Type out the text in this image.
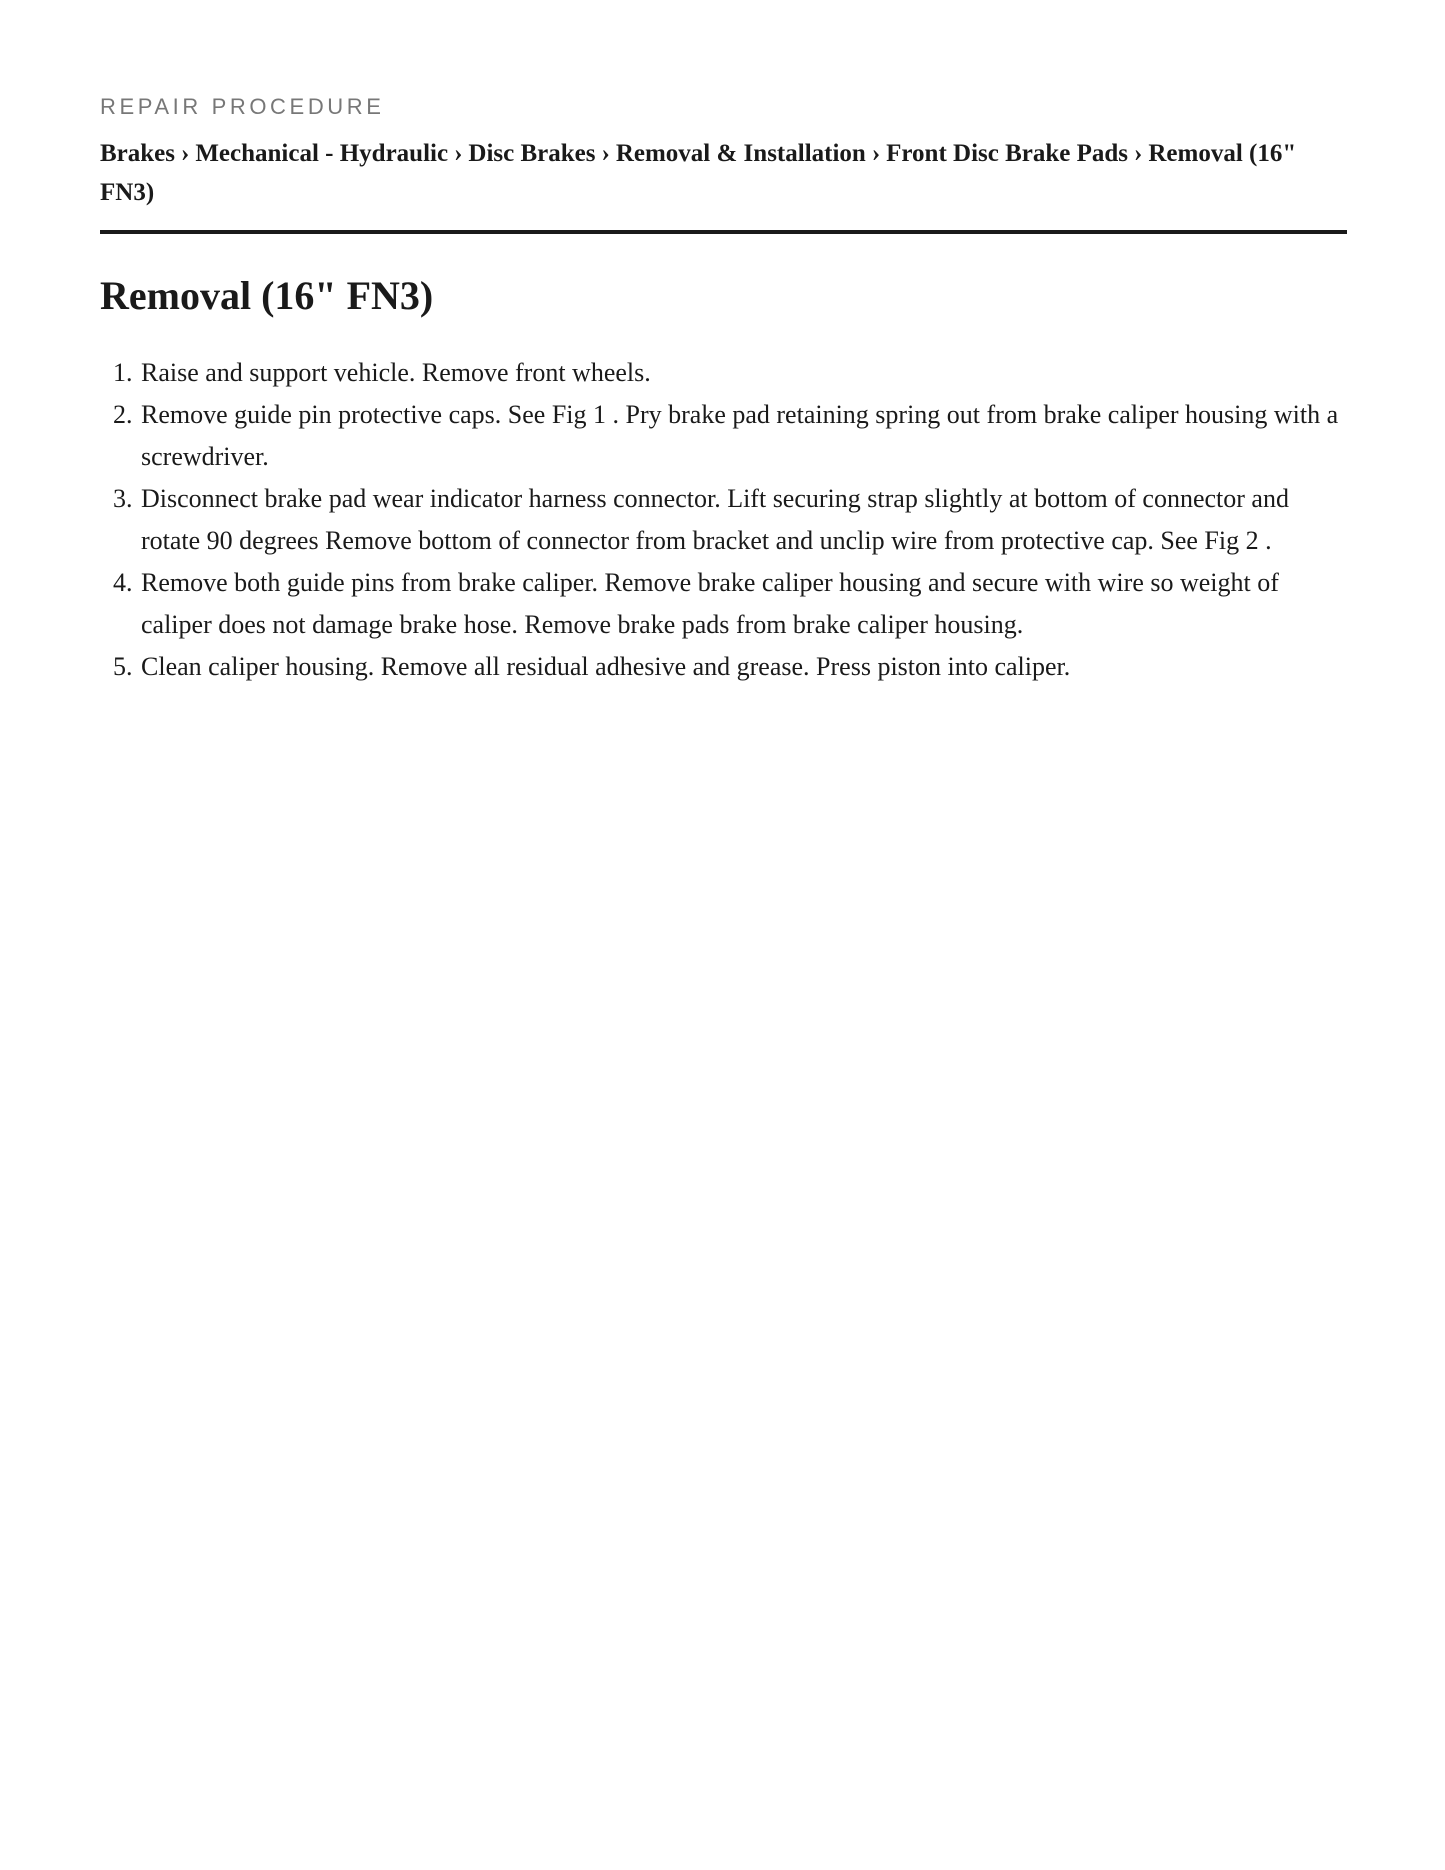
REPAIR PROCEDURE
Brakes › Mechanical - Hydraulic › Disc Brakes › Removal & Installation › Front Disc Brake Pads › Removal (16" FN3)
Removal (16" FN3)
1. Raise and support vehicle. Remove front wheels.
2. Remove guide pin protective caps. See Fig 1 . Pry brake pad retaining spring out from brake caliper housing with a screwdriver.
3. Disconnect brake pad wear indicator harness connector. Lift securing strap slightly at bottom of connector and rotate 90 degrees Remove bottom of connector from bracket and unclip wire from protective cap. See Fig 2 .
4. Remove both guide pins from brake caliper. Remove brake caliper housing and secure with wire so weight of caliper does not damage brake hose. Remove brake pads from brake caliper housing.
5. Clean caliper housing. Remove all residual adhesive and grease. Press piston into caliper.
